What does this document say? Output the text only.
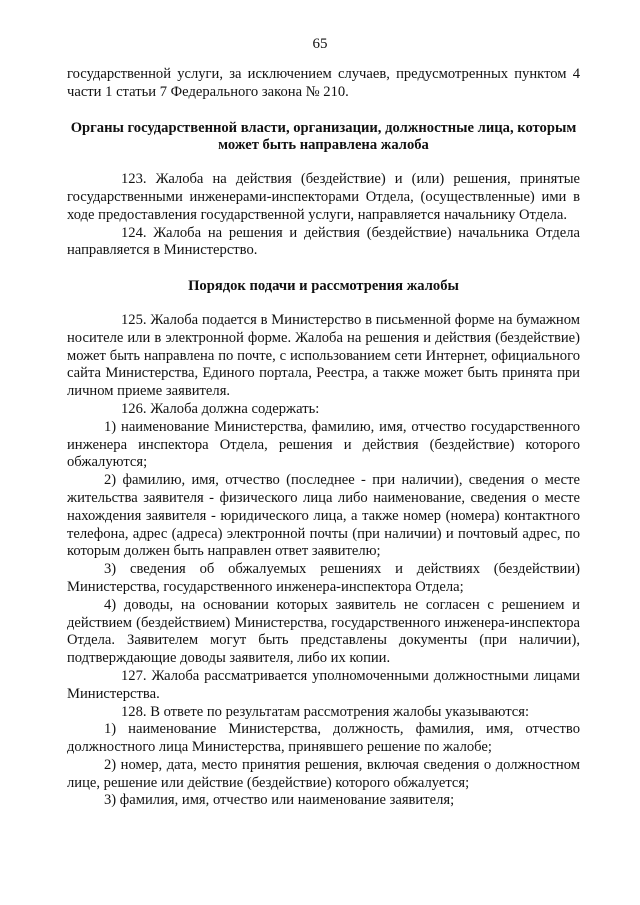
65

государственной услуги, за исключением случаев, предусмотренных пунктом 4 части 1 статьи 7 Федерального закона № 210.

Органы государственной власти, организации, должностные лица, которым может быть направлена жалоба

123. Жалоба на действия (бездействие) и (или) решения, принятые государственными инженерами-инспекторами Отдела, (осуществленные) ими в ходе предоставления государственной услуги, направляется начальнику Отдела.

124. Жалоба на решения и действия (бездействие) начальника Отдела направляется в Министерство.

Порядок подачи и рассмотрения жалобы

125. Жалоба подается в Министерство в письменной форме на бумажном носителе или в электронной форме. Жалоба на решения и действия (бездействие) может быть направлена по почте, с использованием сети Интернет, официального сайта Министерства, Единого портала, Реестра, а также может быть принята при личном приеме заявителя.

126. Жалоба должна содержать:

1) наименование Министерства, фамилию, имя, отчество государственного инженера инспектора Отдела, решения и действия (бездействие) которого обжалуются;

2) фамилию, имя, отчество (последнее - при наличии), сведения о месте жительства заявителя - физического лица либо наименование, сведения о месте нахождения заявителя - юридического лица, а также номер (номера) контактного телефона, адрес (адреса) электронной почты (при наличии) и почтовый адрес, по которым должен быть направлен ответ заявителю;

3) сведения об обжалуемых решениях и действиях (бездействии) Министерства, государственного инженера-инспектора Отдела;

4) доводы, на основании которых заявитель не согласен с решением и действием (бездействием) Министерства, государственного инженера-инспектора Отдела. Заявителем могут быть представлены документы (при наличии), подтверждающие доводы заявителя, либо их копии.

127. Жалоба рассматривается уполномоченными должностными лицами Министерства.

128. В ответе по результатам рассмотрения жалобы указываются:

1) наименование Министерства, должность, фамилия, имя, отчество должностного лица Министерства, принявшего решение по жалобе;

2) номер, дата, место принятия решения, включая сведения о должностном лице, решение или действие (бездействие) которого обжалуется;

3) фамилия, имя, отчество или наименование заявителя;
